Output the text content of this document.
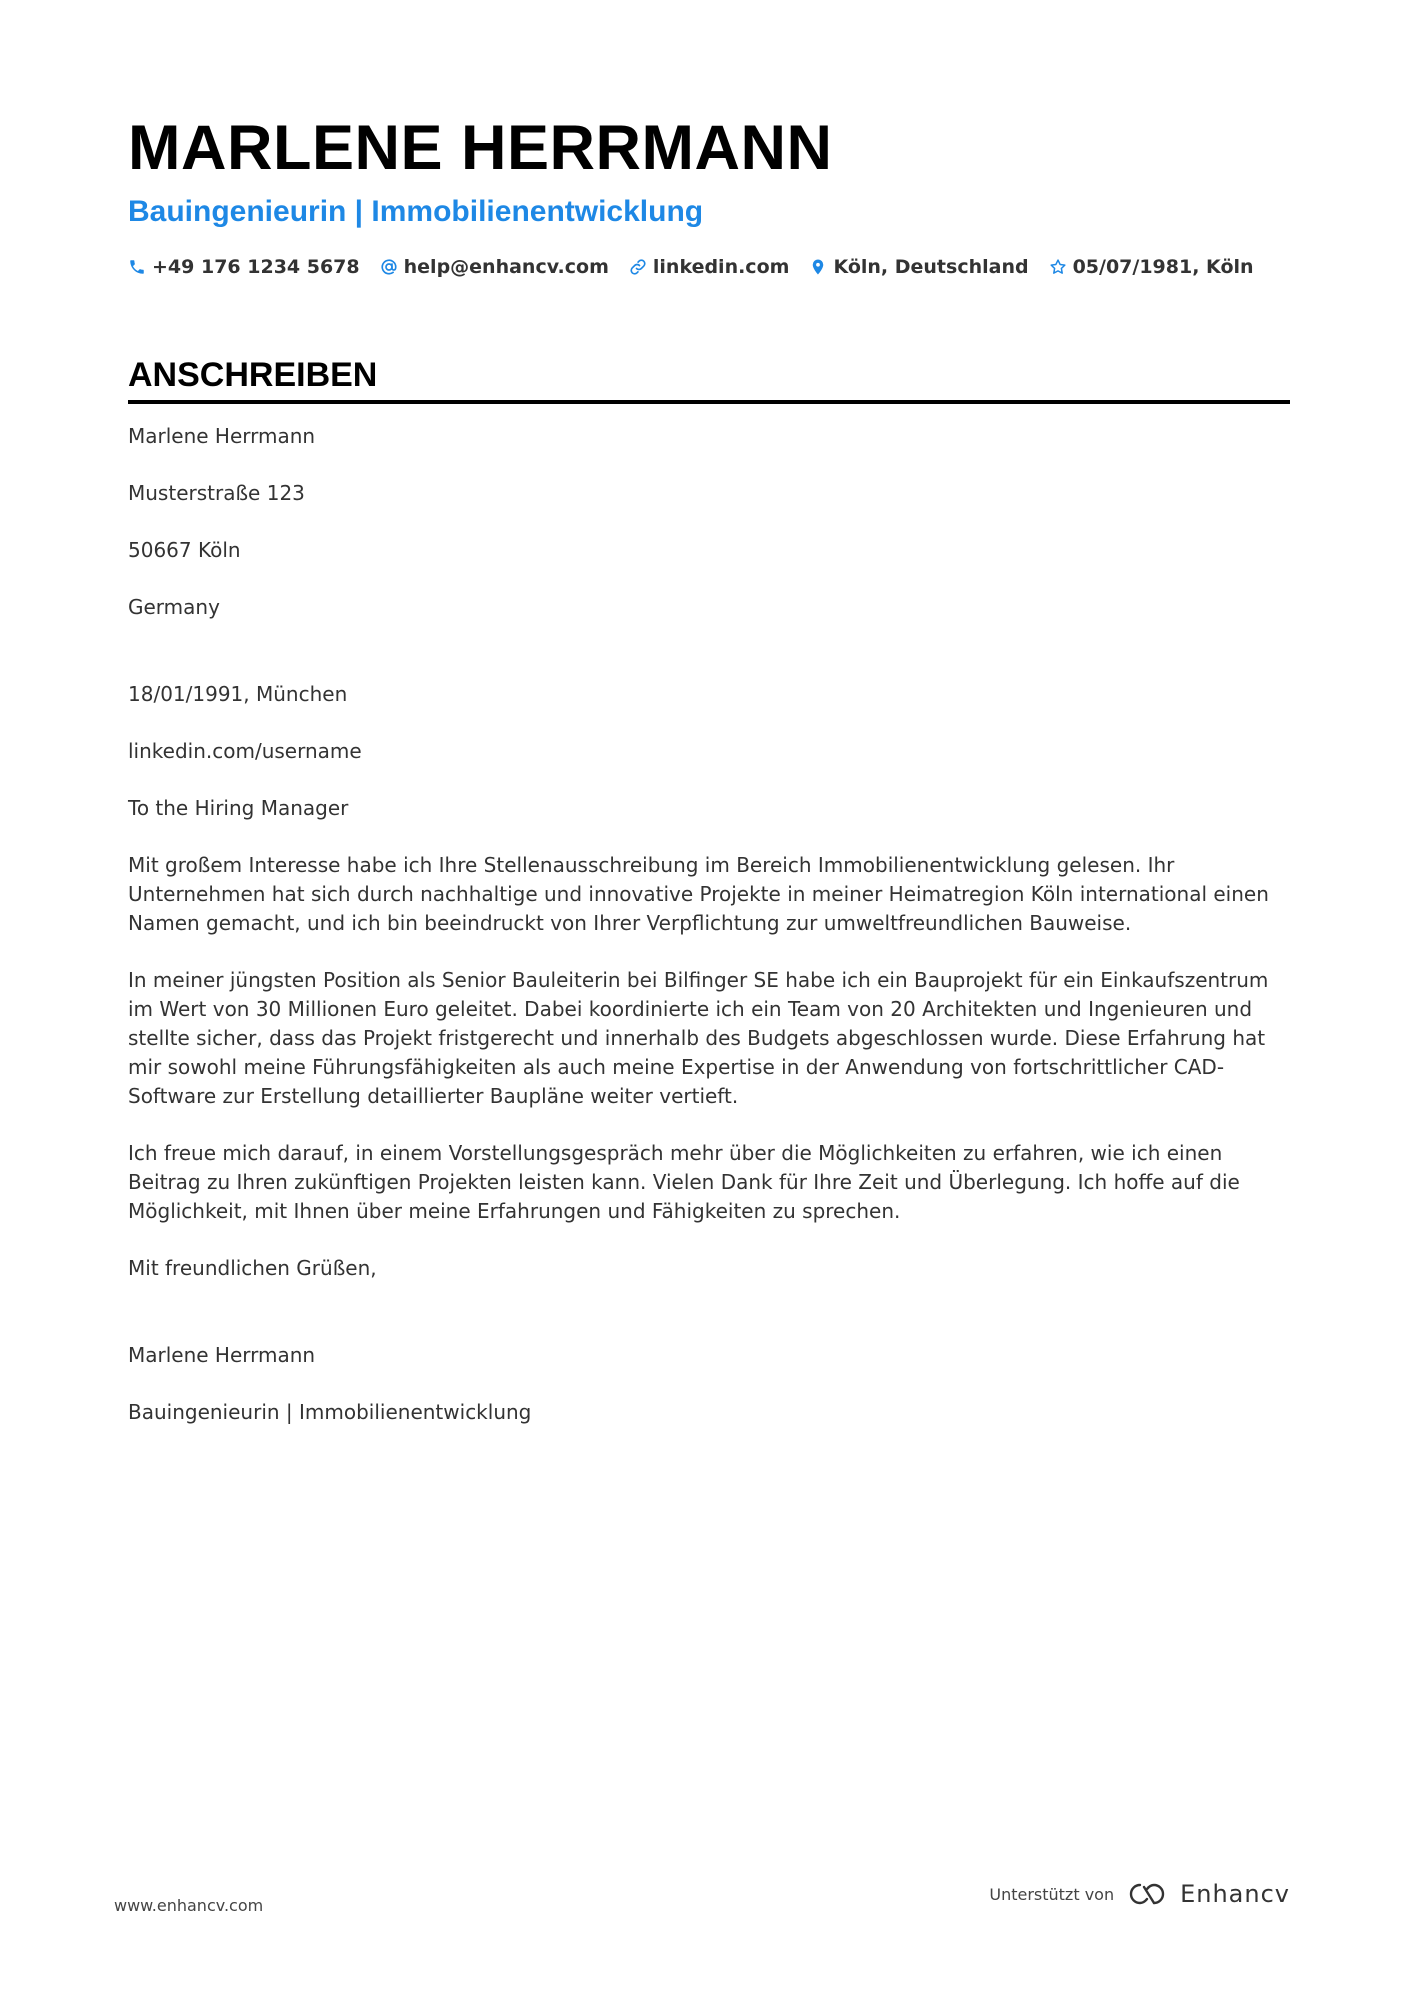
MARLENE HERRMANN
Bauingenieurin | Immobilienentwicklung
+49 176 1234 5678 help@enhancv.com linkedin.com Köln, Deutschland 05/07/1981, Köln
ANSCHREIBEN

Marlene Herrmann

Musterstraße 123

50667 Köln

Germany

18/01/1991, München

linkedin.com/username

To the Hiring Manager

Mit großem Interesse habe ich Ihre Stellenausschreibung im Bereich Immobilienentwicklung gelesen. Ihr Unternehmen hat sich durch nachhaltige und innovative Projekte in meiner Heimatregion Köln international einen Namen gemacht, und ich bin beeindruckt von Ihrer Verpflichtung zur umweltfreundlichen Bauweise.

In meiner jüngsten Position als Senior Bauleiterin bei Bilfinger SE habe ich ein Bauprojekt für ein Einkaufszentrum im Wert von 30 Millionen Euro geleitet. Dabei koordinierte ich ein Team von 20 Architekten und Ingenieuren und stellte sicher, dass das Projekt fristgerecht und innerhalb des Budgets abgeschlossen wurde. Diese Erfahrung hat mir sowohl meine Führungsfähigkeiten als auch meine Expertise in der Anwendung von fortschrittlicher CAD-Software zur Erstellung detaillierter Baupläne weiter vertieft.

Ich freue mich darauf, in einem Vorstellungsgespräch mehr über die Möglichkeiten zu erfahren, wie ich einen Beitrag zu Ihren zukünftigen Projekten leisten kann. Vielen Dank für Ihre Zeit und Überlegung. Ich hoffe auf die Möglichkeit, mit Ihnen über meine Erfahrungen und Fähigkeiten zu sprechen.

Mit freundlichen Grüßen,

Marlene Herrmann

Bauingenieurin | Immobilienentwicklung

www.enhancv.com
Unterstützt von	Enhancv
